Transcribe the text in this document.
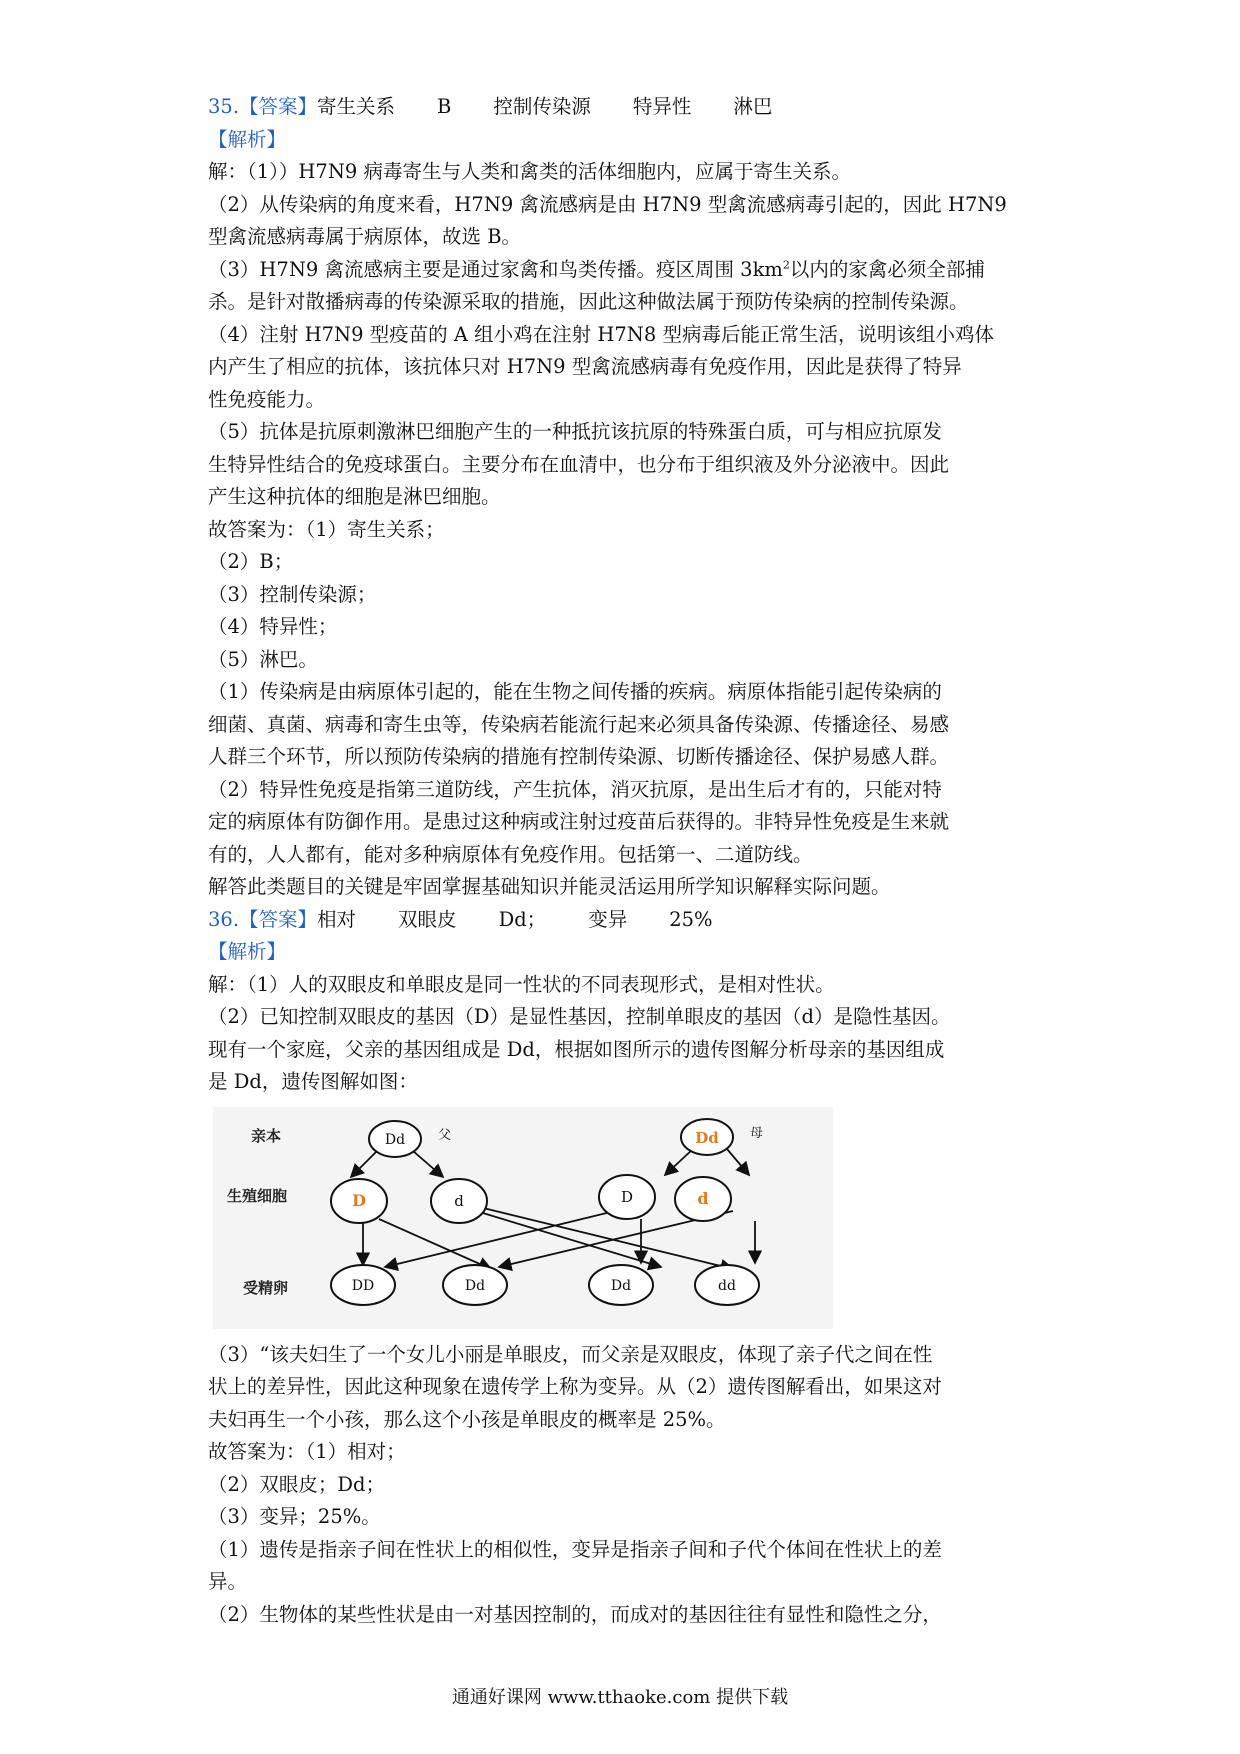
35.【答案】寄生关系 B 控制传染源 特异性 淋巴
【解析】
解：（1））H7N9 病毒寄生与人类和禽类的活体细胞内，应属于寄生关系。
（2）从传染病的角度来看，H7N9 禽流感病是由 H7N9 型禽流感病毒引起的，因此 H7N9
型禽流感病毒属于病原体，故选 B。
（3）H7N9 禽流感病主要是通过家禽和鸟类传播。疫区周围 $3km^2$以内的家禽必须全部捕
杀。是针对散播病毒的传染源采取的措施，因此这种做法属于预防传染病的控制传染源。
（4）注射 H7N9 型疫苗的 A 组小鸡在注射 H7N8 型病毒后能正常生活，说明该组小鸡体
内产生了相应的抗体，该抗体只对 H7N9 型禽流感病毒有免疫作用，因此是获得了特异
性免疫能力。
（5）抗体是抗原刺激淋巴细胞产生的一种抵抗该抗原的特殊蛋白质，可与相应抗原发
生特异性结合的免疫球蛋白。主要分布在血清中，也分布于组织液及外分泌液中。因此
产生这种抗体的细胞是淋巴细胞。
故答案为：（1）寄生关系；
（2）B；
（3）控制传染源；
（4）特异性；
（5）淋巴。
（1）传染病是由病原体引起的，能在生物之间传播的疾病。病原体指能引起传染病的
细菌、真菌、病毒和寄生虫等，传染病若能流行起来必须具备传染源、传播途径、易感
人群三个环节，所以预防传染病的措施有控制传染源、切断传播途径、保护易感人群。
（2）特异性免疫是指第三道防线，产生抗体，消灭抗原，是出生后才有的，只能对特
定的病原体有防御作用。是患过这种病或注射过疫苗后获得的。非特异性免疫是生来就
有的，人人都有，能对多种病原体有免疫作用。包括第一、二道防线。
解答此类题目的关键是牢固掌握基础知识并能灵活运用所学知识解释实际问题。
36.【答案】相对 双眼皮 Dd； 变异 25%
【解析】
解：（1）人的双眼皮和单眼皮是同一性状的不同表现形式，是相对性状。
（2）已知控制双眼皮的基因（D）是显性基因，控制单眼皮的基因（d）是隐性基因。
现有一个家庭，父亲的基因组成是 Dd，根据如图所示的遗传图解分析母亲的基因组成
是 Dd，遗传图解如图：
亲本
生殖细胞
受精卵
Dd	父	Dd 母
D	d	D	d
DD	Dd	Dd	dd
（3）“该夫妇生了一个女儿小丽是单眼皮，而父亲是双眼皮，体现了亲子代之间在性
状上的差异性，因此这种现象在遗传学上称为变异。从（2）遗传图解看出，如果这对
夫妇再生一个小孩，那么这个小孩是单眼皮的概率是 25%。
故答案为：（1）相对；
（2）双眼皮；Dd；
（3）变异；25%。
（1）遗传是指亲子间在性状上的相似性，变异是指亲子间和子代个体间在性状上的差
异。
（2）生物体的某些性状是由一对基因控制的，而成对的基因往往有显性和隐性之分，
通通好课网 www.tthaoke.com 提供下载
